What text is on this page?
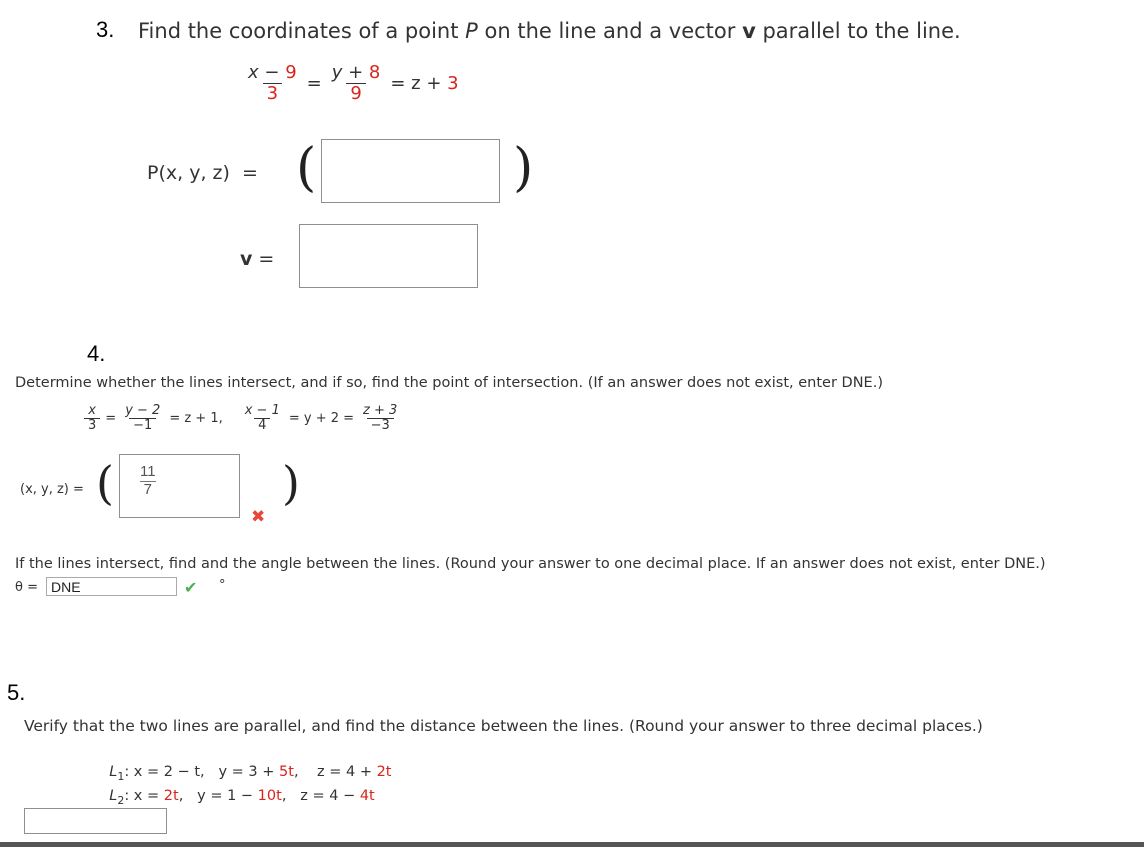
3. Find the coordinates of a point P on the line and a vector v parallel to the line.
$\frac{x - 9}{3} = \frac{y + 8}{9} = z + 3$
P(x, y, z)  = (	)
v =
4.
Determine whether the lines intersect, and if so, find the point of intersection. (If an answer does not exist, enter DNE.)
$\frac{x}{3} = \frac{y - 2}{-1} = z + 1$, $\frac{x - 1}{4} = y + 2 = \frac{z + 3}{-3}$
(x, y, z) = ( $\frac{11}{7}$	)
✖
If the lines intersect, find and the angle between the lines. (Round your answer to one decimal place. If an answer does not exist, enter DNE.)
θ =
DNE	✔ °
5.
Verify that the two lines are parallel, and find the distance between the lines. (Round your answer to three decimal places.)

$L_1$: x = 2 − t, y = 3 + 5t, z = 4 + 2t

$L_2$: x = 2t, y = 1 − 10t, z = 4 − 4t
